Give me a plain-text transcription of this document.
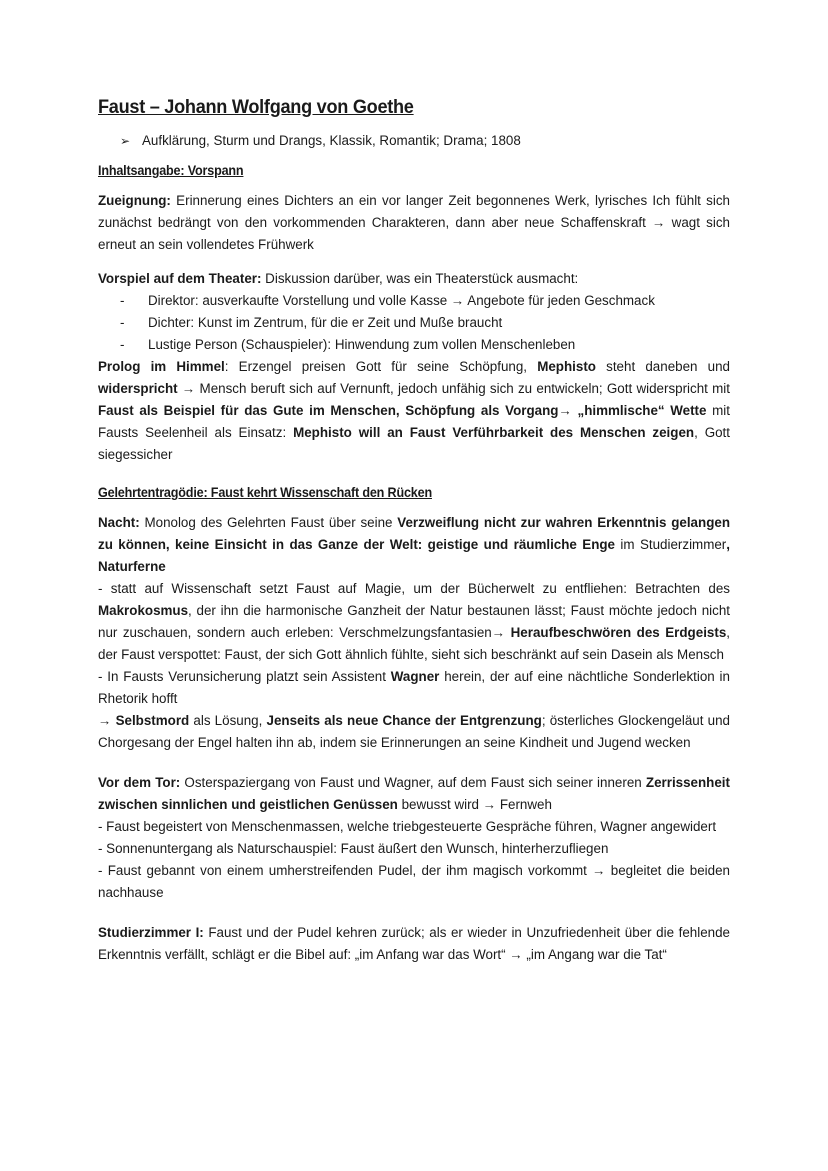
Faust – Johann Wolfgang von Goethe
➢ Aufklärung, Sturm und Drangs, Klassik, Romantik; Drama; 1808
Inhaltsangabe: Vorspann

Zueignung: Erinnerung eines Dichters an ein vor langer Zeit begonnenes Werk, lyrisches Ich fühlt sich zunächst bedrängt von den vorkommenden Charakteren, dann aber neue Schaffenskraft → wagt sich erneut an sein vollendetes Frühwerk

Vorspiel auf dem Theater: Diskussion darüber, was ein Theaterstück ausmacht:

-	Direktor: ausverkaufte Vorstellung und volle Kasse → Angebote für jeden Geschmack
-	Dichter: Kunst im Zentrum, für die er Zeit und Muße braucht
-	Lustige Person (Schauspieler): Hinwendung zum vollen Menschenleben

Prolog im Himmel: Erzengel preisen Gott für seine Schöpfung, Mephisto steht daneben und widerspricht → Mensch beruft sich auf Vernunft, jedoch unfähig sich zu entwickeln; Gott widerspricht mit Faust als Beispiel für das Gute im Menschen, Schöpfung als Vorgang→ „himmlische“ Wette mit Fausts Seelenheil als Einsatz: Mephisto will an Faust Verführbarkeit des Menschen zeigen, Gott siegessicher

Gelehrtentragödie: Faust kehrt Wissenschaft den Rücken

Nacht: Monolog des Gelehrten Faust über seine Verzweiflung nicht zur wahren Erkenntnis gelangen zu können, keine Einsicht in das Ganze der Welt: geistige und räumliche Enge im Studierzimmer, Naturferne

- statt auf Wissenschaft setzt Faust auf Magie, um der Bücherwelt zu entfliehen: Betrachten des Makrokosmus, der ihn die harmonische Ganzheit der Natur bestaunen lässt; Faust möchte jedoch nicht nur zuschauen, sondern auch erleben: Verschmelzungsfantasien→ Heraufbeschwören des Erdgeists, der Faust verspottet: Faust, der sich Gott ähnlich fühlte, sieht sich beschränkt auf sein Dasein als Mensch

- In Fausts Verunsicherung platzt sein Assistent Wagner herein, der auf eine nächtliche Sonderlektion in Rhetorik hofft

→ Selbstmord als Lösung, Jenseits als neue Chance der Entgrenzung; österliches Glockengeläut und Chorgesang der Engel halten ihn ab, indem sie Erinnerungen an seine Kindheit und Jugend wecken

Vor dem Tor: Osterspaziergang von Faust und Wagner, auf dem Faust sich seiner inneren Zerrissenheit zwischen sinnlichen und geistlichen Genüssen bewusst wird → Fernweh

- Faust begeistert von Menschenmassen, welche triebgesteuerte Gespräche führen, Wagner angewidert

- Sonnenuntergang als Naturschauspiel: Faust äußert den Wunsch, hinterherzufliegen

- Faust gebannt von einem umherstreifenden Pudel, der ihm magisch vorkommt → begleitet die beiden nachhause

Studierzimmer I: Faust und der Pudel kehren zurück; als er wieder in Unzufriedenheit über die fehlende Erkenntnis verfällt, schlägt er die Bibel auf: „im Anfang war das Wort“ → „im Angang war die Tat“
